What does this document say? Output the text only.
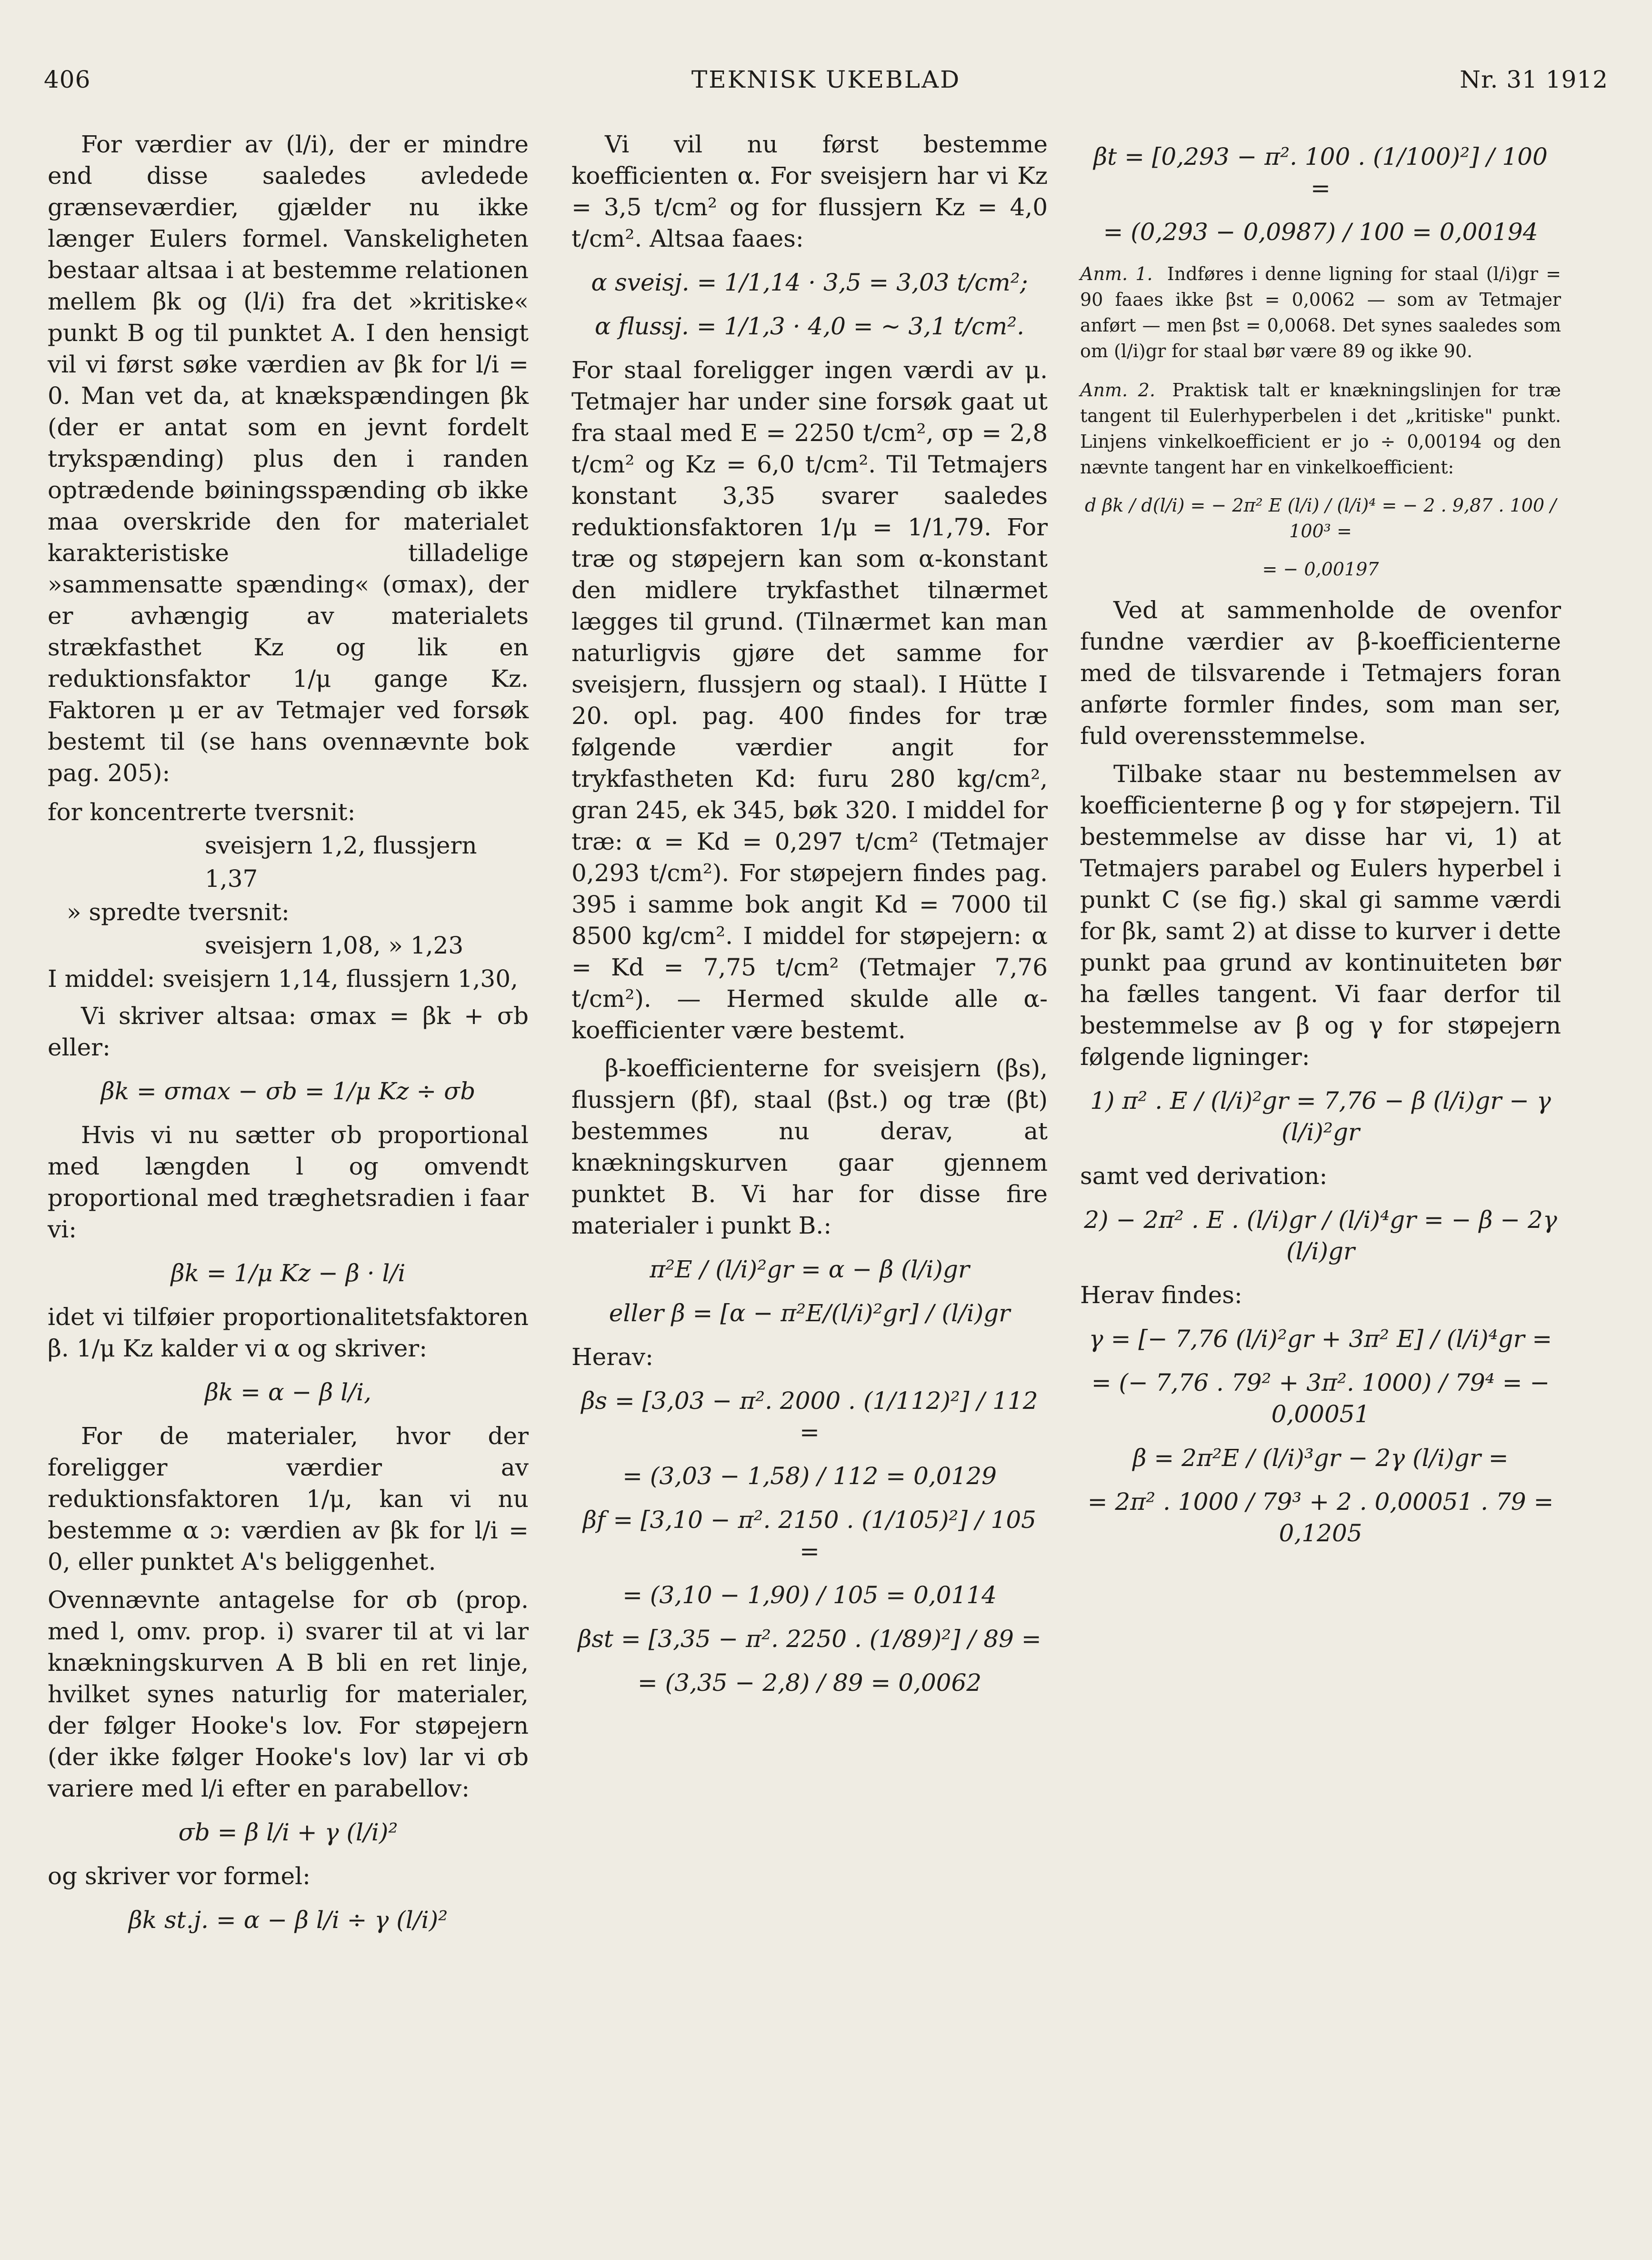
406	TEKNISK UKEBLAD	Nr. 31 1912

For værdier av (l/i), der er mindre end disse saaledes avledede grænseværdier, gjælder nu ikke længer Eulers formel. Vanskeligheten bestaar altsaa i at bestemme relationen mellem βk og (l/i) fra det »kritiske« punkt B og til punktet A. I den hensigt vil vi først søke værdien av βk for l/i = 0. Man vet da, at knækspændingen βk (der er antat som en jevnt fordelt trykspænding) plus den i randen optrædende bøiningsspænding σb ikke maa overskride den for materialet karakteristiske tilladelige »sammensatte spænding« (σmax), der er avhængig av materialets strækfasthet Kz og lik en reduktionsfaktor 1/μ gange Kz. Faktoren μ er av Tetmajer ved forsøk bestemt til (se hans ovennævnte bok pag. 205):

for koncentrerte tversnit:
sveisjern 1,2, flussjern 1,37
» spredte tversnit:
sveisjern 1,08, » 1,23
I middel: sveisjern 1,14, flussjern 1,30,

Vi skriver altsaa: σmax = βk + σb eller:

βk = σmax − σb = 1/μ Kz ÷ σb

Hvis vi nu sætter σb proportional med længden l og omvendt proportional med træghetsradien i faar vi:

βk = 1/μ Kz − β · l/i

idet vi tilføier proportionalitetsfaktoren β. 1/μ Kz kalder vi α og skriver:

βk = α − β l/i,

For de materialer, hvor der foreligger værdier av reduktionsfaktoren 1/μ, kan vi nu bestemme α ɔ: værdien av βk for l/i = 0, eller punktet A's beliggenhet.

Ovennævnte antagelse for σb (prop. med l, omv. prop. i) svarer til at vi lar knækningskurven A B bli en ret linje, hvilket synes naturlig for materialer, der følger Hooke's lov. For støpejern (der ikke følger Hooke's lov) lar vi σb variere med l/i efter en parabellov:

σb = β l/i + γ (l/i)²

og skriver vor formel:

βk st.j. = α − β l/i ÷ γ (l/i)²

Vi vil nu først bestemme koefficienten α. For sveisjern har vi Kz = 3,5 t/cm² og for flussjern Kz = 4,0 t/cm². Altsaa faaes:

α sveisj. = 1/1,14 · 3,5 = 3,03 t/cm²;

α flussj. = 1/1,3 · 4,0 = ~ 3,1 t/cm².

For staal foreligger ingen værdi av μ. Tetmajer har under sine forsøk gaat ut fra staal med E = 2250 t/cm², σp = 2,8 t/cm² og Kz = 6,0 t/cm². Til Tetmajers konstant 3,35 svarer saaledes reduktionsfaktoren 1/μ = 1/1,79. For træ og støpejern kan som α-konstant den midlere trykfasthet tilnærmet lægges til grund. (Tilnærmet kan man naturligvis gjøre det samme for sveisjern, flussjern og staal). I Hütte I 20. opl. pag. 400 findes for træ følgende værdier angit for trykfastheten Kd: furu 280 kg/cm², gran 245, ek 345, bøk 320. I middel for træ: α = Kd = 0,297 t/cm² (Tetmajer 0,293 t/cm²). For støpejern findes pag. 395 i samme bok angit Kd = 7000 til 8500 kg/cm². I middel for støpejern: α = Kd = 7,75 t/cm² (Tetmajer 7,76 t/cm²). — Hermed skulde alle α-koefficienter være bestemt.

β-koefficienterne for sveisjern (βs), flussjern (βf), staal (βst.) og træ (βt) bestemmes nu derav, at knækningskurven gaar gjennem punktet B. Vi har for disse fire materialer i punkt B.:

π²E / (l/i)²gr = α − β (l/i)gr

eller β = [α − π²E/(l/i)²gr] / (l/i)gr

Herav:

βs = [3,03 − π². 2000 . (1/112)²] / 112 =

= (3,03 − 1,58) / 112 = 0,0129

βf = [3,10 − π². 2150 . (1/105)²] / 105 =

= (3,10 − 1,90) / 105 = 0,0114

βst = [3,35 − π². 2250 . (1/89)²] / 89 =

= (3,35 − 2,8) / 89 = 0,0062

βt = [0,293 − π². 100 . (1/100)²] / 100 =

= (0,293 − 0,0987) / 100 = 0,00194

Anm. 1. Indføres i denne ligning for staal (l/i)gr = 90 faaes ikke βst = 0,0062 — som av Tetmajer anført — men βst = 0,0068. Det synes saaledes som om (l/i)gr for staal bør være 89 og ikke 90.
Anm. 2. Praktisk talt er knækningslinjen for træ tangent til Eulerhyperbelen i det „kritiske" punkt. Linjens vinkelkoefficient er jo ÷ 0,00194 og den nævnte tangent har en vinkelkoefficient:

d βk / d(l/i) = − 2π² E (l/i) / (l/i)⁴ = − 2 . 9,87 . 100 / 100³ =

= − 0,00197

Ved at sammenholde de ovenfor fundne værdier av β-koefficienterne med de tilsvarende i Tetmajers foran anførte formler findes, som man ser, fuld overensstemmelse.

Tilbake staar nu bestemmelsen av koefficienterne β og γ for støpejern. Til bestemmelse av disse har vi, 1) at Tetmajers parabel og Eulers hyperbel i punkt C (se fig.) skal gi samme værdi for βk, samt 2) at disse to kurver i dette punkt paa grund av kontinuiteten bør ha fælles tangent. Vi faar derfor til bestemmelse av β og γ for støpejern følgende ligninger:

1) π² . E / (l/i)²gr = 7,76 − β (l/i)gr − γ (l/i)²gr

samt ved derivation:

2) − 2π² . E . (l/i)gr / (l/i)⁴gr = − β − 2γ (l/i)gr

Herav findes:

γ = [− 7,76 (l/i)²gr + 3π² E] / (l/i)⁴gr =

= (− 7,76 . 79² + 3π². 1000) / 79⁴ = − 0,00051

β = 2π²E / (l/i)³gr − 2γ (l/i)gr =

= 2π² . 1000 / 79³ + 2 . 0,00051 . 79 = 0,1205
